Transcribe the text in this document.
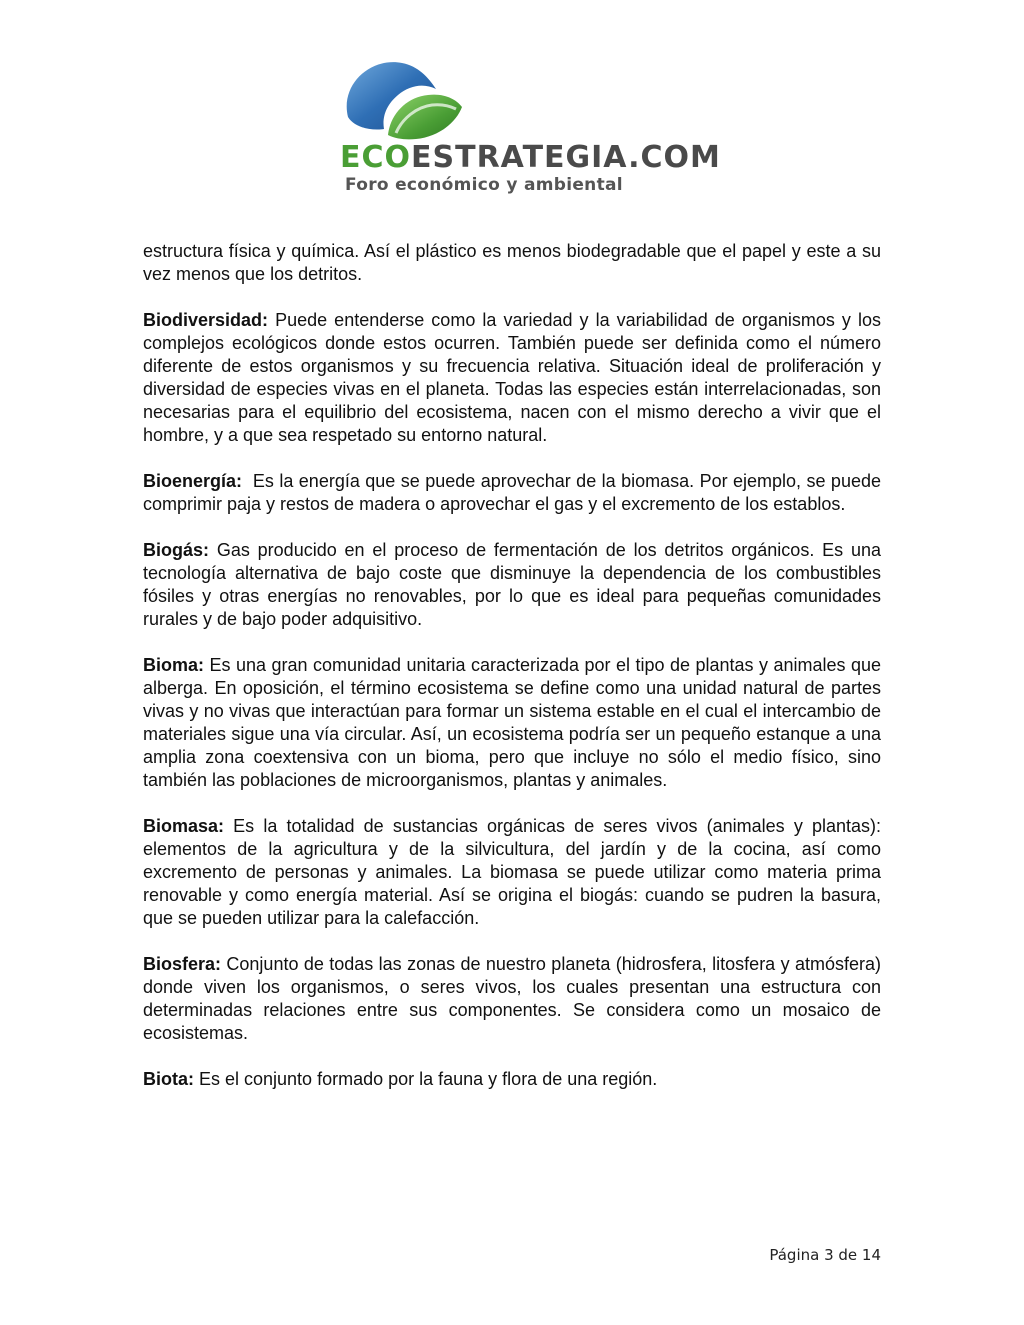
ECOESTRATEGIA.COM
Foro económico y ambiental

estructura física y química. Así el plástico es menos biodegradable que el papel y este a su vez menos que los detritos.

Biodiversidad: Puede entenderse como la variedad y la variabilidad de organismos y los complejos ecológicos donde estos ocurren. También puede ser definida como el número diferente de estos organismos y su frecuencia relativa. Situación ideal de proliferación y diversidad de especies vivas en el planeta. Todas las especies están interrelacionadas, son necesarias para el equilibrio del ecosistema, nacen con el mismo derecho a vivir que el hombre, y a que sea respetado su entorno natural.

Bioenergía:  Es la energía que se puede aprovechar de la biomasa. Por ejemplo, se puede comprimir paja y restos de madera o aprovechar el gas y el excremento de los establos.

Biogás: Gas producido en el proceso de fermentación de los detritos orgánicos. Es una tecnología alternativa de bajo coste que disminuye la dependencia de los combustibles fósiles y otras energías no renovables, por lo que es ideal para pequeñas comunidades rurales y de bajo poder adquisitivo.

Bioma: Es una gran comunidad unitaria caracterizada por el tipo de plantas y animales que alberga. En oposición, el término ecosistema se define como una unidad natural de partes vivas y no vivas que interactúan para formar un sistema estable en el cual el intercambio de materiales sigue una vía circular. Así, un ecosistema podría ser un pequeño estanque a una amplia zona coextensiva con un bioma, pero que incluye no sólo el medio físico, sino también las poblaciones de microorganismos, plantas y animales.

Biomasa: Es la totalidad de sustancias orgánicas de seres vivos (animales y plantas): elementos de la agricultura y de la silvicultura, del jardín y de la cocina, así como excremento de personas y animales. La biomasa se puede utilizar como materia prima renovable y como energía material. Así se origina el biogás: cuando se pudren la basura, que se pueden utilizar para la calefacción.

Biosfera: Conjunto de todas las zonas de nuestro planeta (hidrosfera, litosfera y atmósfera) donde viven los organismos, o seres vivos, los cuales presentan una estructura con determinadas relaciones entre sus componentes. Se considera como un mosaico de ecosistemas.

Biota: Es el conjunto formado por la fauna y flora de una región.

Página 3 de 14
